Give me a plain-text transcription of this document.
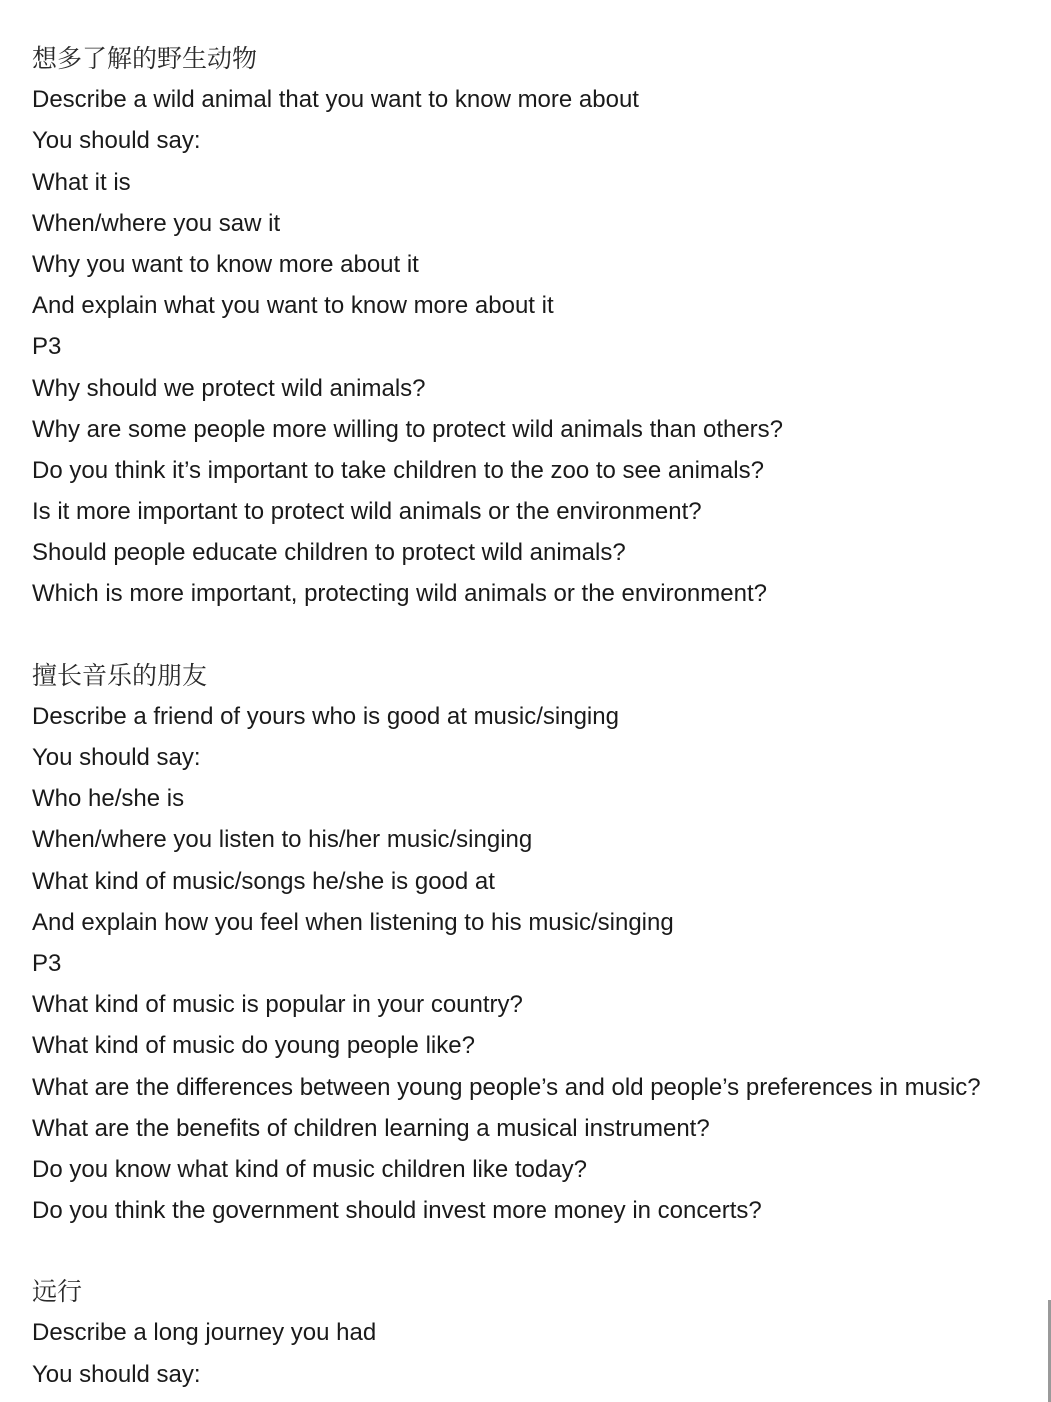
想多了解的野生动物
Describe a wild animal that you want to know more about
You should say:
What it is
When/where you saw it
Why you want to know more about it
And explain what you want to know more about it
P3
Why should we protect wild animals?
Why are some people more willing to protect wild animals than others?
Do you think it’s important to take children to the zoo to see animals?
Is it more important to protect wild animals or the environment?
Should people educate children to protect wild animals?
Which is more important, protecting wild animals or the environment?
擅长音乐的朋友
Describe a friend of yours who is good at music/singing
You should say:
Who he/she is
When/where you listen to his/her music/singing
What kind of music/songs he/she is good at
And explain how you feel when listening to his music/singing
P3
What kind of music is popular in your country?
What kind of music do young people like?
What are the differences between young people’s and old people’s preferences in music?
What are the benefits of children learning a musical instrument?
Do you know what kind of music children like today?
Do you think the government should invest more money in concerts?
远行
Describe a long journey you had
You should say:
